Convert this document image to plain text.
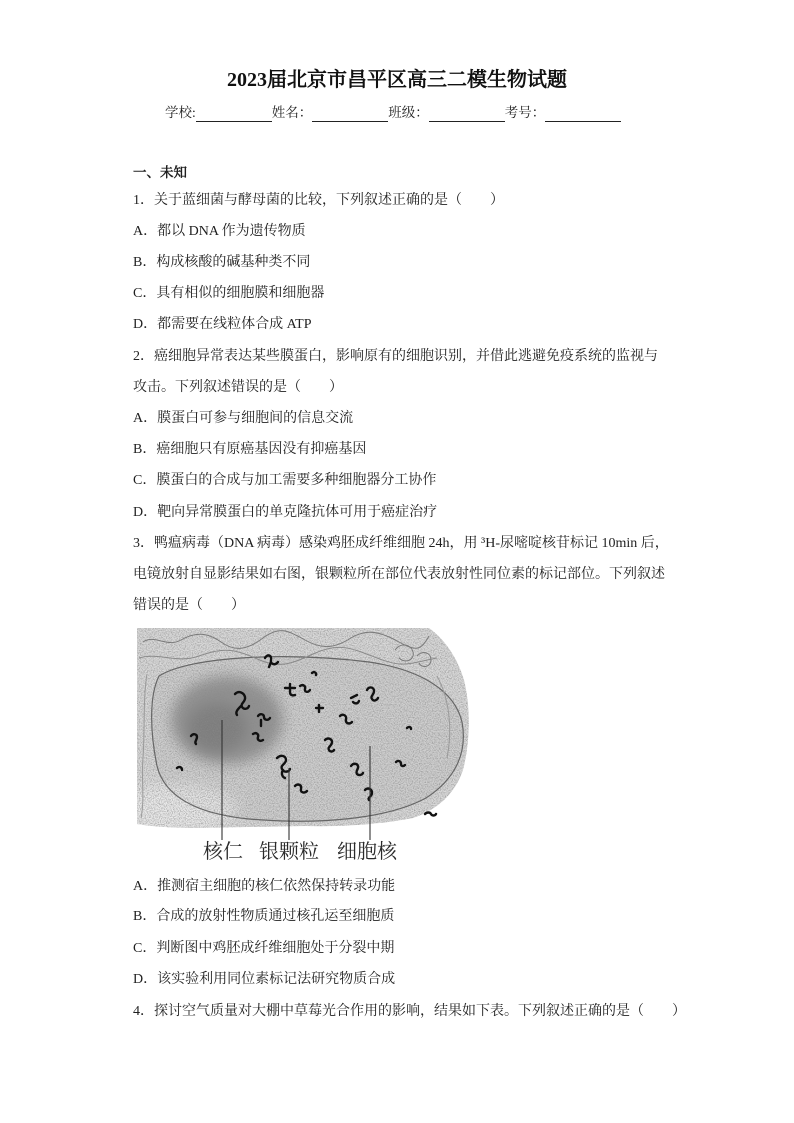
2023届北京市昌平区高三二模生物试题
学校:	姓名：	班级：	考号：
一、未知
1．关于蓝细菌与酵母菌的比较，下列叙述正确的是（　　）
A．都以 DNA 作为遗传物质
B．构成核酸的碱基种类不同
C．具有相似的细胞膜和细胞器
D．都需要在线粒体合成 ATP
2．癌细胞异常表达某些膜蛋白，影响原有的细胞识别，并借此逃避免疫系统的监视与
攻击。下列叙述错误的是（　　）
A．膜蛋白可参与细胞间的信息交流
B．癌细胞只有原癌基因没有抑癌基因
C．膜蛋白的合成与加工需要多种细胞器分工协作
D．靶向异常膜蛋白的单克隆抗体可用于癌症治疗
3．鸭瘟病毒（DNA 病毒）感染鸡胚成纤维细胞 24h，用 ³H-尿嘧啶核苷标记 10min 后，
电镜放射自显影结果如右图，银颗粒所在部位代表放射性同位素的标记部位。下列叙述
错误的是（　　）
核仁 银颗粒 细胞核
A．推测宿主细胞的核仁依然保持转录功能
B．合成的放射性物质通过核孔运至细胞质
C．判断图中鸡胚成纤维细胞处于分裂中期
D．该实验利用同位素标记法研究物质合成
4．探讨空气质量对大棚中草莓光合作用的影响，结果如下表。下列叙述正确的是（　　）
